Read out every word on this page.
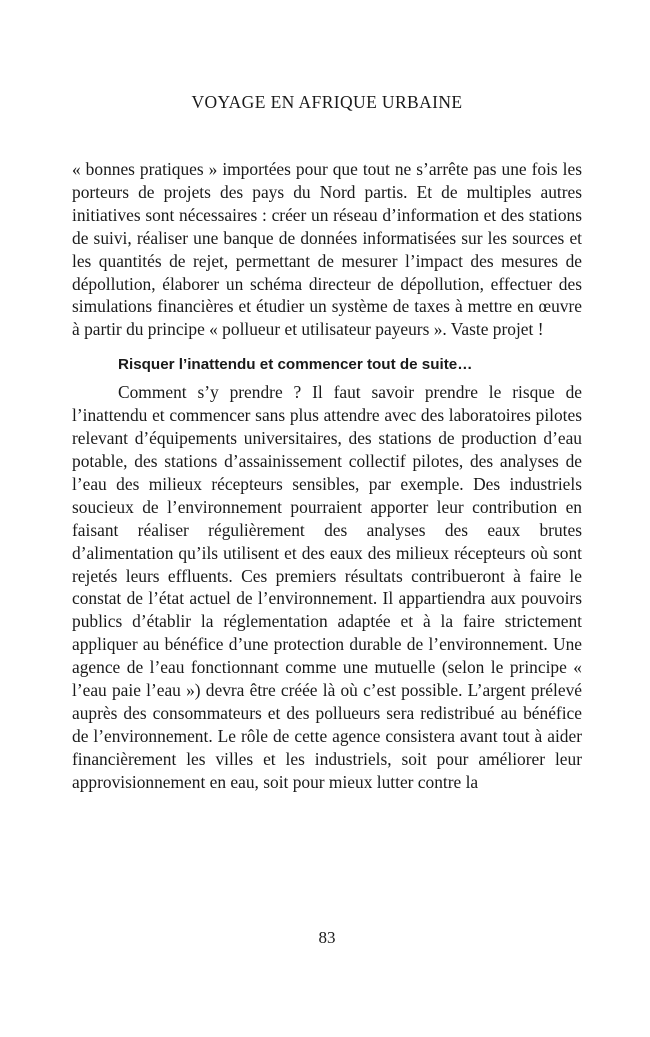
VOYAGE EN AFRIQUE URBAINE

« bonnes pratiques » importées pour que tout ne s’arrête pas une fois les porteurs de projets des pays du Nord partis. Et de multiples autres initiatives sont nécessaires : créer un réseau d’information et des stations de suivi, réaliser une banque de données informatisées sur les sources et les quantités de rejet, permettant de mesurer l’impact des mesures de dépollution, élaborer un schéma directeur de dépollution, effectuer des simulations financières et étudier un système de taxes à mettre en œuvre à partir du principe « pollueur et utilisateur payeurs ». Vaste projet !

Risquer l’inattendu et commencer tout de suite…

Comment s’y prendre ? Il faut savoir prendre le risque de l’inattendu et commencer sans plus attendre avec des laboratoires pilotes relevant d’équipements universitaires, des stations de production d’eau potable, des stations d’assainissement collectif pilotes, des analyses de l’eau des milieux récepteurs sensibles, par exemple. Des industriels soucieux de l’environnement pourraient apporter leur contribution en faisant réaliser régulièrement des analyses des eaux brutes d’alimentation qu’ils utilisent et des eaux des milieux récepteurs où sont rejetés leurs effluents. Ces premiers résultats contribueront à faire le constat de l’état actuel de l’environnement. Il appartiendra aux pouvoirs publics d’établir la réglementation adaptée et à la faire strictement appliquer au bénéfice d’une protection durable de l’environnement. Une agence de l’eau fonctionnant comme une mutuelle (selon le principe « l’eau paie l’eau ») devra être créée là où c’est possible. L’argent prélevé auprès des consommateurs et des pollueurs sera redistribué au bénéfice de l’environnement. Le rôle de cette agence consistera avant tout à aider financièrement les villes et les industriels, soit pour améliorer leur approvisionnement en eau, soit pour mieux lutter contre la

83
